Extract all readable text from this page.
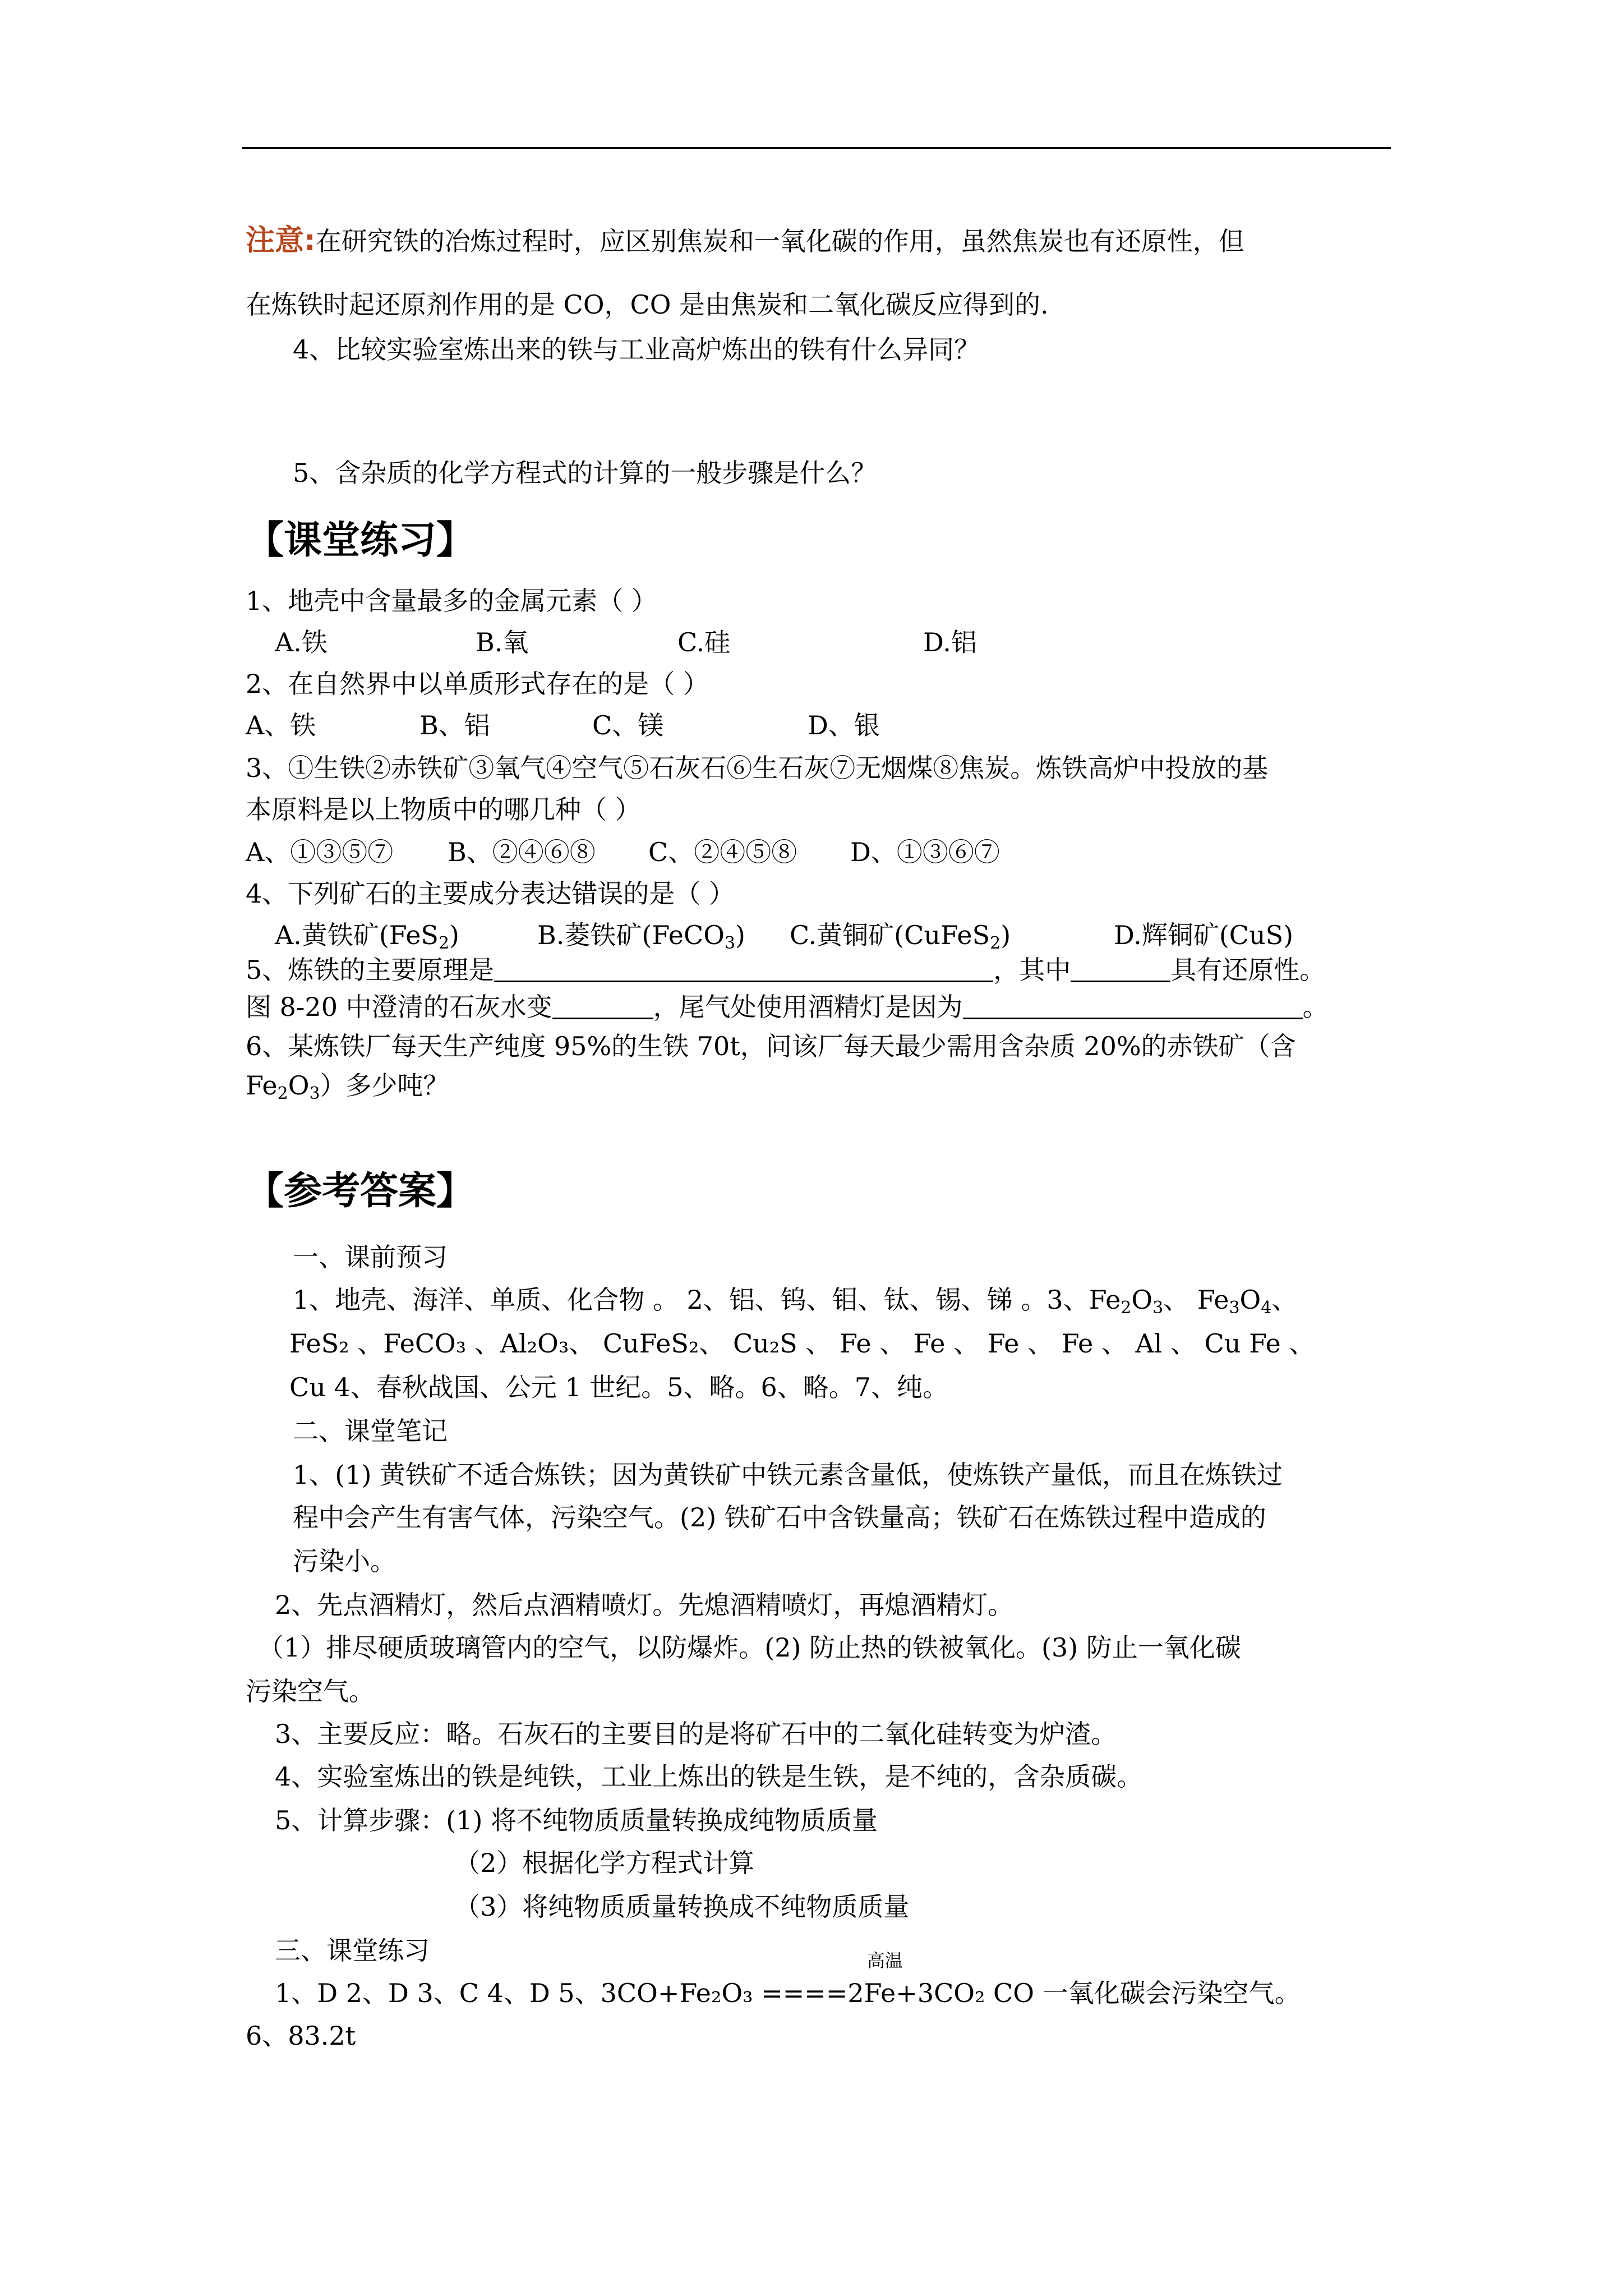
注意:在研究铁的冶炼过程时，应区别焦炭和一氧化碳的作用，虽然焦炭也有还原性，但
在炼铁时起还原剂作用的是 CO，CO 是由焦炭和二氧化碳反应得到的.
4、比较实验室炼出来的铁与工业高炉炼出的铁有什么异同？
5、含杂质的化学方程式的计算的一般步骤是什么？
【课堂练习】
1、地壳中含量最多的金属元素（ ）
A.铁	B.氧	C.硅	D.铝
2、在自然界中以单质形式存在的是（ ）
A、铁	B、铝	C、镁	D、银
3、①生铁②赤铁矿③氧气④空气⑤石灰石⑥生石灰⑦无烟煤⑧焦炭。炼铁高炉中投放的基
本原料是以上物质中的哪几种（ ）
A、①③⑤⑦ B、②④⑥⑧ C、②④⑤⑧ D、①③⑥⑦
4、下列矿石的主要成分表达错误的是（ ）
A.黄铁矿(FeS$_2$)	B.菱铁矿(FeCO$_3$) C.黄铜矿(CuFeS$_2$)	D.辉铜矿(CuS)
5、炼铁的主要原理是	，其中	具有还原性。
图 8-20 中澄清的石灰水变	，尾气处使用酒精灯是因为	。
6、某炼铁厂每天生产纯度 95%的生铁 70t，问该厂每天最少需用含杂质 20%的赤铁矿（含
$Fe_2O_3$）多少吨？
【参考答案】
一、课前预习
1、地壳、海洋、单质、化合物 。 2、铝、钨、钼、钛、锡、锑 。3、$Fe_2O_3$、 $Fe_3O_4$、
FeS₂ 、FeCO₃ 、Al₂O₃、 CuFeS₂、 Cu₂S 、 Fe 、 Fe 、 Fe 、 Fe 、 Al 、 Cu Fe 、
Cu 4、春秋战国、公元 1 世纪。5、略。6、略。7、纯。
二、课堂笔记
1、(1) 黄铁矿不适合炼铁；因为黄铁矿中铁元素含量低，使炼铁产量低，而且在炼铁过
程中会产生有害气体，污染空气。(2) 铁矿石中含铁量高；铁矿石在炼铁过程中造成的
污染小。
2、先点酒精灯，然后点酒精喷灯。先熄酒精喷灯，再熄酒精灯。
（1）排尽硬质玻璃管内的空气，以防爆炸。(2) 防止热的铁被氧化。(3) 防止一氧化碳
污染空气。
3、主要反应：略。石灰石的主要目的是将矿石中的二氧化硅转变为炉渣。
4、实验室炼出的铁是纯铁，工业上炼出的铁是生铁，是不纯的，含杂质碳。
5、计算步骤：(1) 将不纯物质质量转换成纯物质质量
（2）根据化学方程式计算
（3）将纯物质质量转换成不纯物质质量
三、课堂练习	高温
1、D 2、D 3、C 4、D 5、3CO+Fe₂O₃ ====2Fe+3CO₂ CO 一氧化碳会污染空气。
6、83.2t
